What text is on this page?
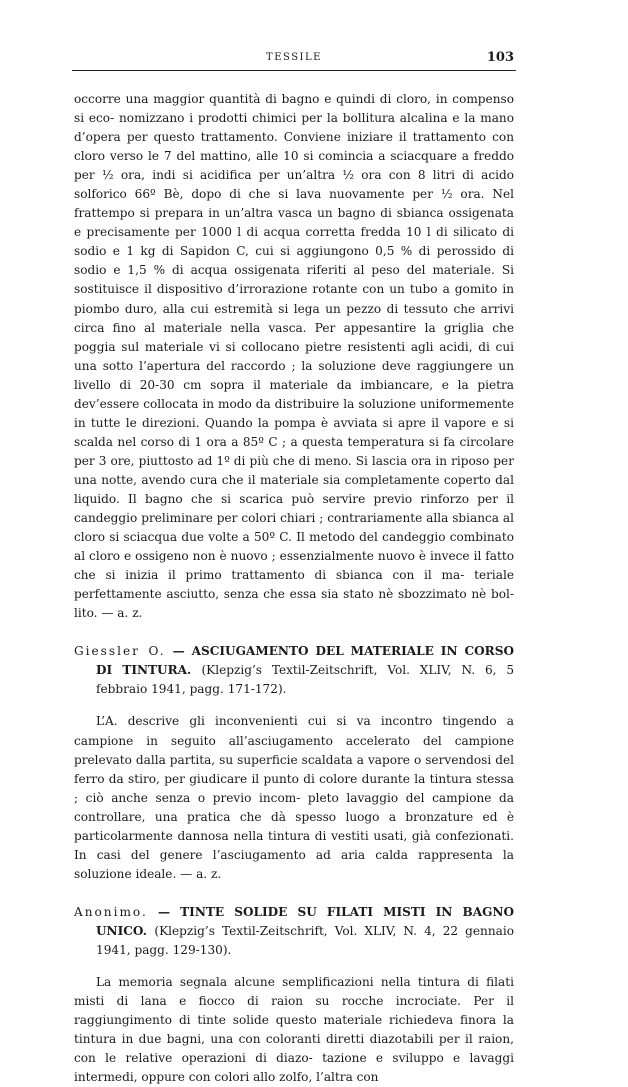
TESSILE	103

occorre una maggior quantità di bagno e quindi di cloro, in compenso si eco- nomizzano i prodotti chimici per la bollitura alcalina e la mano d’opera per questo trattamento. Conviene iniziare il trattamento con cloro verso le 7 del mattino, alle 10 si comincia a sciacquare a freddo per ½ ora, indi si acidifica per un’altra ½ ora con 8 litri di acido solforico 66º Bè, dopo di che si lava nuovamente per ½ ora. Nel frattempo si prepara in un’altra vasca un bagno di sbianca ossigenata e precisamente per 1000 l di acqua corretta fredda 10 l di silicato di sodio e 1 kg di Sapidon C, cui si aggiungono 0,5 % di perossido di sodio e 1,5 % di acqua ossigenata riferiti al peso del materiale. Si sostituisce il dispositivo d’irrorazione rotante con un tubo a gomito in piombo duro, alla cui estremità si lega un pezzo di tessuto che arrivi circa fino al materiale nella vasca. Per appesantire la griglia che poggia sul materiale vi si collocano pietre resistenti agli acidi, di cui una sotto l’apertura del raccordo ; la soluzione deve raggiungere un livello di 20-30 cm sopra il materiale da imbiancare, e la pietra dev’essere collocata in modo da distribuire la soluzione uniformemente in tutte le direzioni. Quando la pompa è avviata si apre il vapore e si scalda nel corso di 1 ora a 85º C ; a questa temperatura si fa circolare per 3 ore, piuttosto ad 1º di più che di meno. Si lascia ora in riposo per una notte, avendo cura che il materiale sia completamente coperto dal liquido. Il bagno che si scarica può servire previo rinforzo per il candeggio preliminare per colori chiari ; contrariamente alla sbianca al cloro si sciacqua due volte a 50º C. Il metodo del candeggio combinato al cloro e ossigeno non è nuovo ; essenzialmente nuovo è invece il fatto che si inizia il primo trattamento di sbianca con il ma- teriale perfettamente asciutto, senza che essa sia stato nè sbozzimato nè bol- lito. — a. z.

Giessler O. — ASCIUGAMENTO DEL MATERIALE IN CORSO DI TINTURA. (Klepzig’s Textil-Zeitschrift, Vol. XLIV, N. 6, 5 febbraio 1941, pagg. 171-172).

L’A. descrive gli inconvenienti cui si va incontro tingendo a campione in seguito all’asciugamento accelerato del campione prelevato dalla partita, su superficie scaldata a vapore o servendosi del ferro da stiro, per giudicare il punto di colore durante la tintura stessa ; ciò anche senza o previo incom- pleto lavaggio del campione da controllare, una pratica che dà spesso luogo a bronzature ed è particolarmente dannosa nella tintura di vestiti usati, già confezionati. In casi del genere l’asciugamento ad aria calda rappresenta la soluzione ideale. — a. z.

Anonimo. — TINTE SOLIDE SU FILATI MISTI IN BAGNO UNICO. (Klepzig’s Textil-Zeitschrift, Vol. XLIV, N. 4, 22 gennaio 1941, pagg. 129-130).

La memoria segnala alcune semplificazioni nella tintura di filati misti di lana e fiocco di raion su rocche incrociate. Per il raggiungimento di tinte solide questo materiale richiedeva finora la tintura in due bagni, una con coloranti diretti diazotabili per il raion, con le relative operazioni di diazo- tazione e sviluppo e lavaggi intermedi, oppure con colori allo zolfo, l’altra con
